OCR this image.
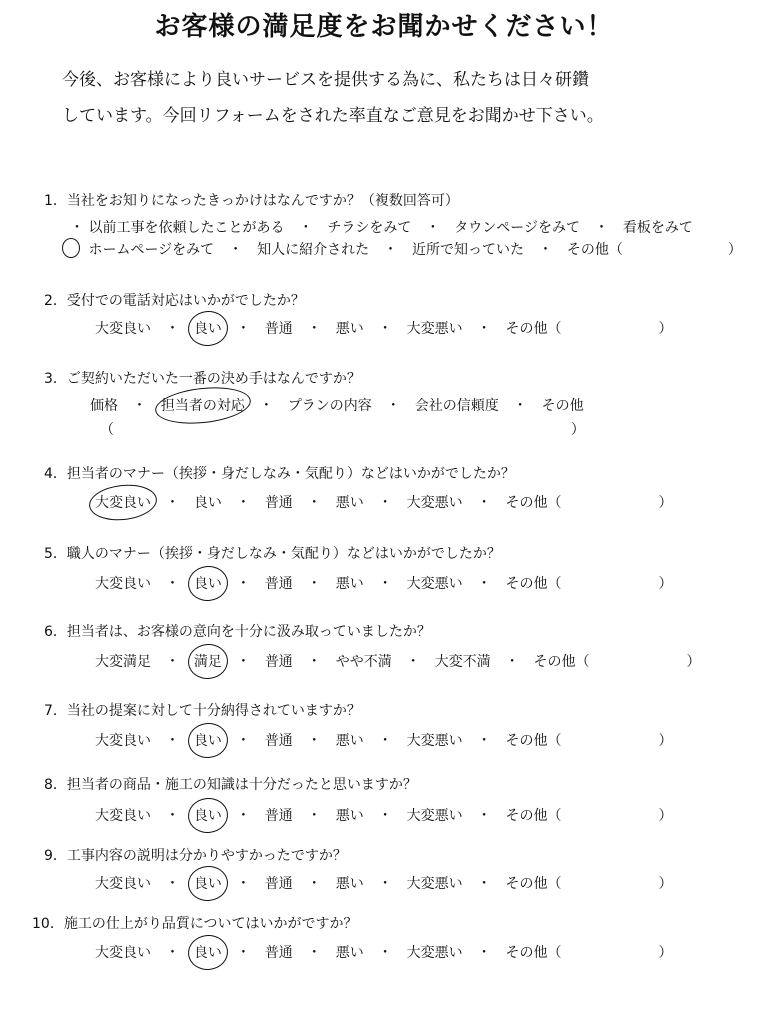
お客様の満足度をお聞かせください！

今後、お客様により良いサービスを提供する為に、私たちは日々研鑽

しています。今回リフォームをされた率直なご意見をお聞かせ下さい。

1．当社をお知りになったきっかけはなんですか？（複数回答可）

・ 以前工事を依頼したことがある ・ チラシをみて ・ タウンページをみて ・ 看板をみて
ホームページをみて ・ 知人に紹介された ・ 近所で知っていた ・ その他（	）

2．受付での電話対応はいかがでしたか？

大変良い ・ 良い ・ 普通 ・ 悪い ・ 大変悪い ・ その他（	）

3．ご契約いただいた一番の決め手はなんですか？

価格 ・ 担当者の対応 ・ プランの内容 ・ 会社の信頼度 ・ その他
（	）

4．担当者のマナー（挨拶・身だしなみ・気配り）などはいかがでしたか？

大変良い ・ 良い ・ 普通 ・ 悪い ・ 大変悪い ・ その他（	）

5．職人のマナー（挨拶・身だしなみ・気配り）などはいかがでしたか？

大変良い ・ 良い ・ 普通 ・ 悪い ・ 大変悪い ・ その他（	）

6．担当者は、お客様の意向を十分に汲み取っていましたか？

大変満足 ・ 満足 ・ 普通 ・ やや不満 ・ 大変不満 ・ その他（	）

7．当社の提案に対して十分納得されていますか？

大変良い ・ 良い ・ 普通 ・ 悪い ・ 大変悪い ・ その他（	）

8．担当者の商品・施工の知識は十分だったと思いますか？

大変良い ・ 良い ・ 普通 ・ 悪い ・ 大変悪い ・ その他（	）

9．工事内容の説明は分かりやすかったですか？

大変良い ・ 良い ・ 普通 ・ 悪い ・ 大変悪い ・ その他（	）

10．施工の仕上がり品質についてはいかがですか？

大変良い ・ 良い ・ 普通 ・ 悪い ・ 大変悪い ・ その他（	）
